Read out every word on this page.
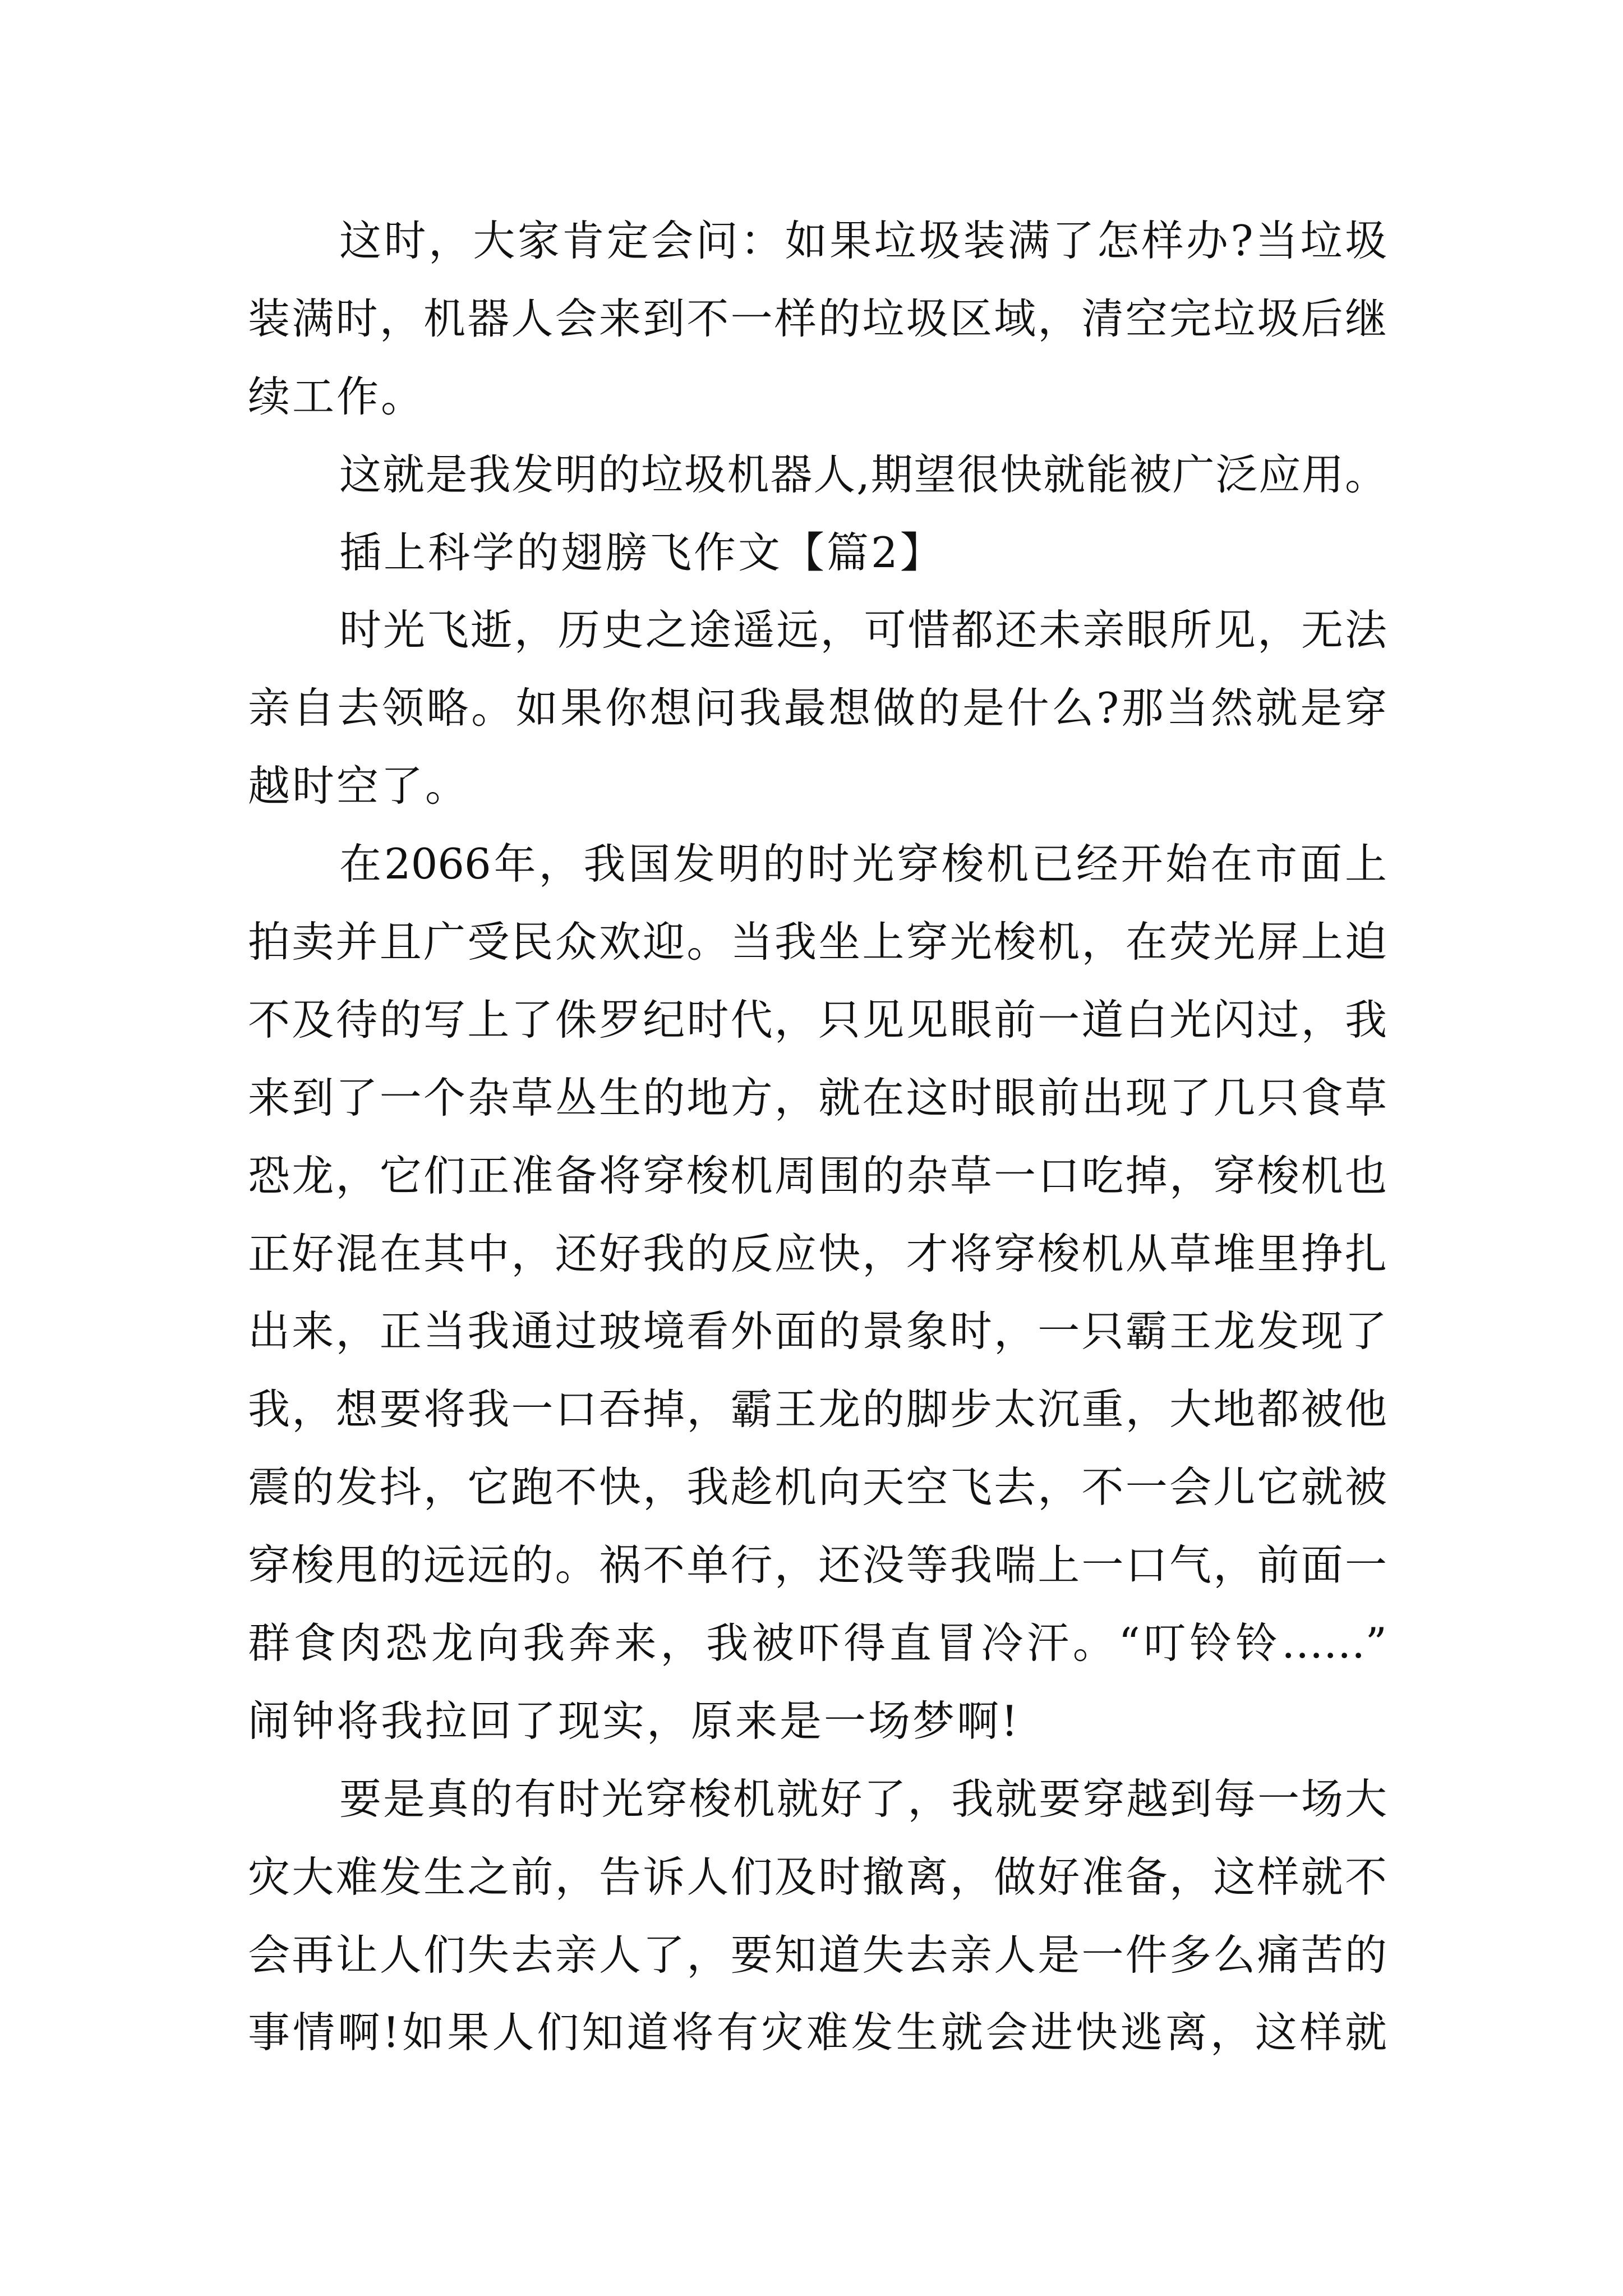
这时，大家肯定会问：如果垃圾装满了怎样办?当垃圾
装满时，机器人会来到不一样的垃圾区域，清空完垃圾后继
续工作。
这就是我发明的垃圾机器人,期望很快就能被广泛应用。
插上科学的翅膀飞作文【篇2】
时光飞逝，历史之途遥远，可惜都还未亲眼所见，无法
亲自去领略。如果你想问我最想做的是什么?那当然就是穿
越时空了。
在2066年，我国发明的时光穿梭机已经开始在市面上
拍卖并且广受民众欢迎。当我坐上穿光梭机，在荧光屏上迫
不及待的写上了侏罗纪时代，只见见眼前一道白光闪过，我
来到了一个杂草丛生的地方，就在这时眼前出现了几只食草
恐龙，它们正准备将穿梭机周围的杂草一口吃掉，穿梭机也
正好混在其中，还好我的反应快，才将穿梭机从草堆里挣扎
出来，正当我通过玻境看外面的景象时，一只霸王龙发现了
我，想要将我一口吞掉，霸王龙的脚步太沉重，大地都被他
震的发抖，它跑不快，我趁机向天空飞去，不一会儿它就被
穿梭甩的远远的。祸不单行，还没等我喘上一口气，前面一
群食肉恐龙向我奔来，我被吓得直冒冷汗。“叮铃铃……”
闹钟将我拉回了现实，原来是一场梦啊!
要是真的有时光穿梭机就好了，我就要穿越到每一场大
灾大难发生之前，告诉人们及时撤离，做好准备，这样就不
会再让人们失去亲人了，要知道失去亲人是一件多么痛苦的
事情啊!如果人们知道将有灾难发生就会进快逃离，这样就
